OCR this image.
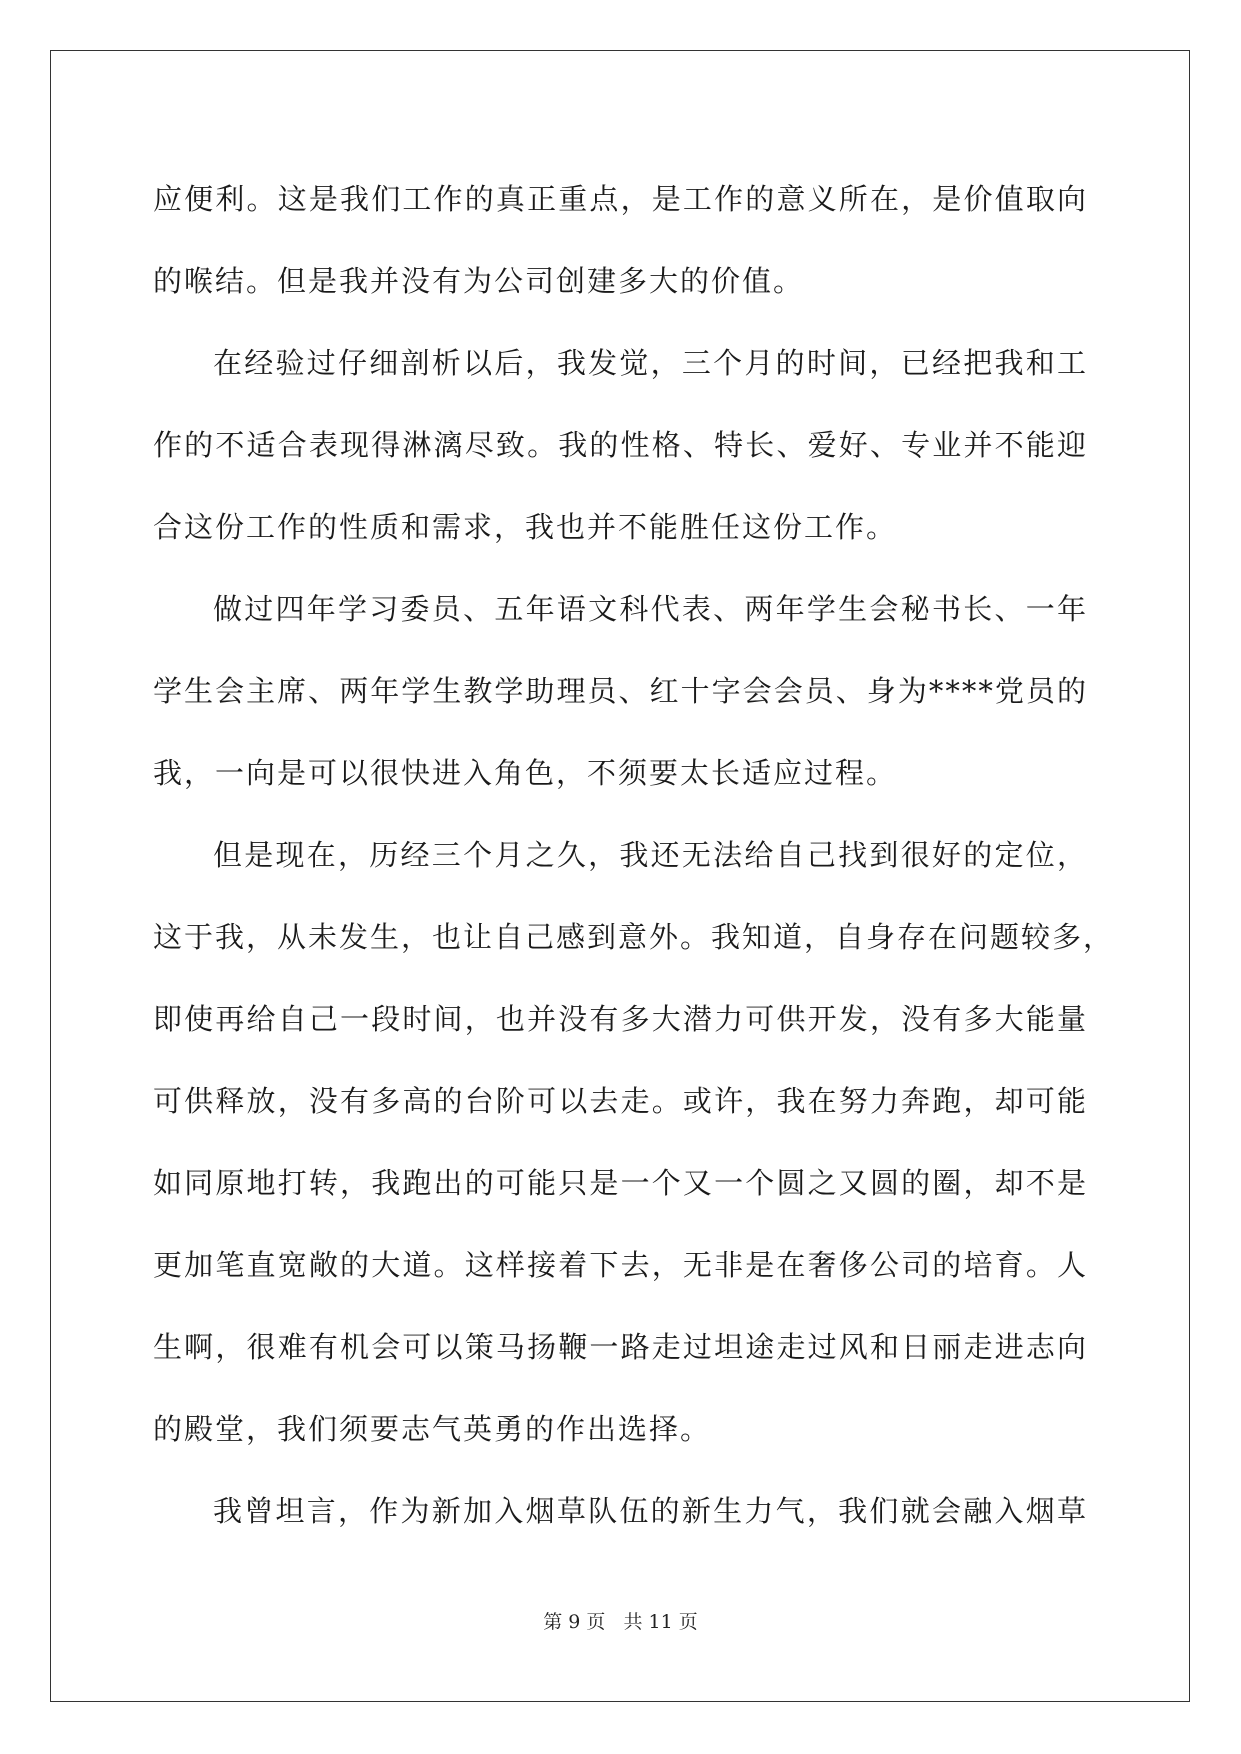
应便利。这是我们工作的真正重点，是工作的意义所在，是价值取向
的喉结。但是我并没有为公司创建多大的价值。
在经验过仔细剖析以后，我发觉，三个月的时间，已经把我和工
作的不适合表现得淋漓尽致。我的性格、特长、爱好、专业并不能迎
合这份工作的性质和需求，我也并不能胜任这份工作。
做过四年学习委员、五年语文科代表、两年学生会秘书长、一年
学生会主席、两年学生教学助理员、红十字会会员、身为****党员的
我，一向是可以很快进入角色，不须要太长适应过程。
但是现在，历经三个月之久，我还无法给自己找到很好的定位，
这于我，从未发生，也让自己感到意外。我知道，自身存在问题较多，
即使再给自己一段时间，也并没有多大潜力可供开发，没有多大能量
可供释放，没有多高的台阶可以去走。或许，我在努力奔跑，却可能
如同原地打转，我跑出的可能只是一个又一个圆之又圆的圈，却不是
更加笔直宽敞的大道。这样接着下去，无非是在奢侈公司的培育。人
生啊，很难有机会可以策马扬鞭一路走过坦途走过风和日丽走进志向
的殿堂，我们须要志气英勇的作出选择。
我曾坦言，作为新加入烟草队伍的新生力气，我们就会融入烟草
第 9 页 共 11 页
